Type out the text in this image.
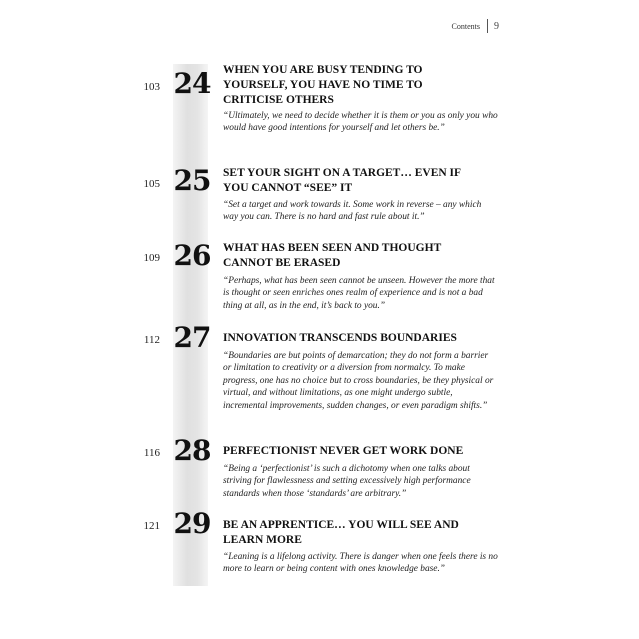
Contents 9
103 24 WHEN YOU ARE BUSY TENDING TO YOURSELF, YOU HAVE NO TIME TO CRITICISE OTHERS
“Ultimately, we need to decide whether it is them or you as only you who would have good intentions for yourself and let others be.”
105 25 SET YOUR SIGHT ON A TARGET… EVEN IF YOU CANNOT “SEE” IT
“Set a target and work towards it. Some work in reverse – any which way you can. There is no hard and fast rule about it.”
109 26 WHAT HAS BEEN SEEN AND THOUGHT CANNOT BE ERASED
“Perhaps, what has been seen cannot be unseen. However the more that is thought or seen enriches ones realm of experience and is not a bad thing at all, as in the end, it’s back to you.”
112 27 INNOVATION TRANSCENDS BOUNDARIES
“Boundaries are but points of demarcation; they do not form a barrier or limitation to creativity or a diversion from normalcy. To make progress, one has no choice but to cross boundaries, be they physical or virtual, and without limitations, as one might undergo subtle, incremental improvements, sudden changes, or even paradigm shifts.”
116 28 PERFECTIONIST NEVER GET WORK DONE
“Being a ‘perfectionist’ is such a dichotomy when one talks about striving for flawlessness and setting excessively high performance standards when those ‘standards’ are arbitrary.”
121 29 BE AN APPRENTICE… YOU WILL SEE AND LEARN MORE
“Leaning is a lifelong activity. There is danger when one feels there is no more to learn or being content with ones knowledge base.”
